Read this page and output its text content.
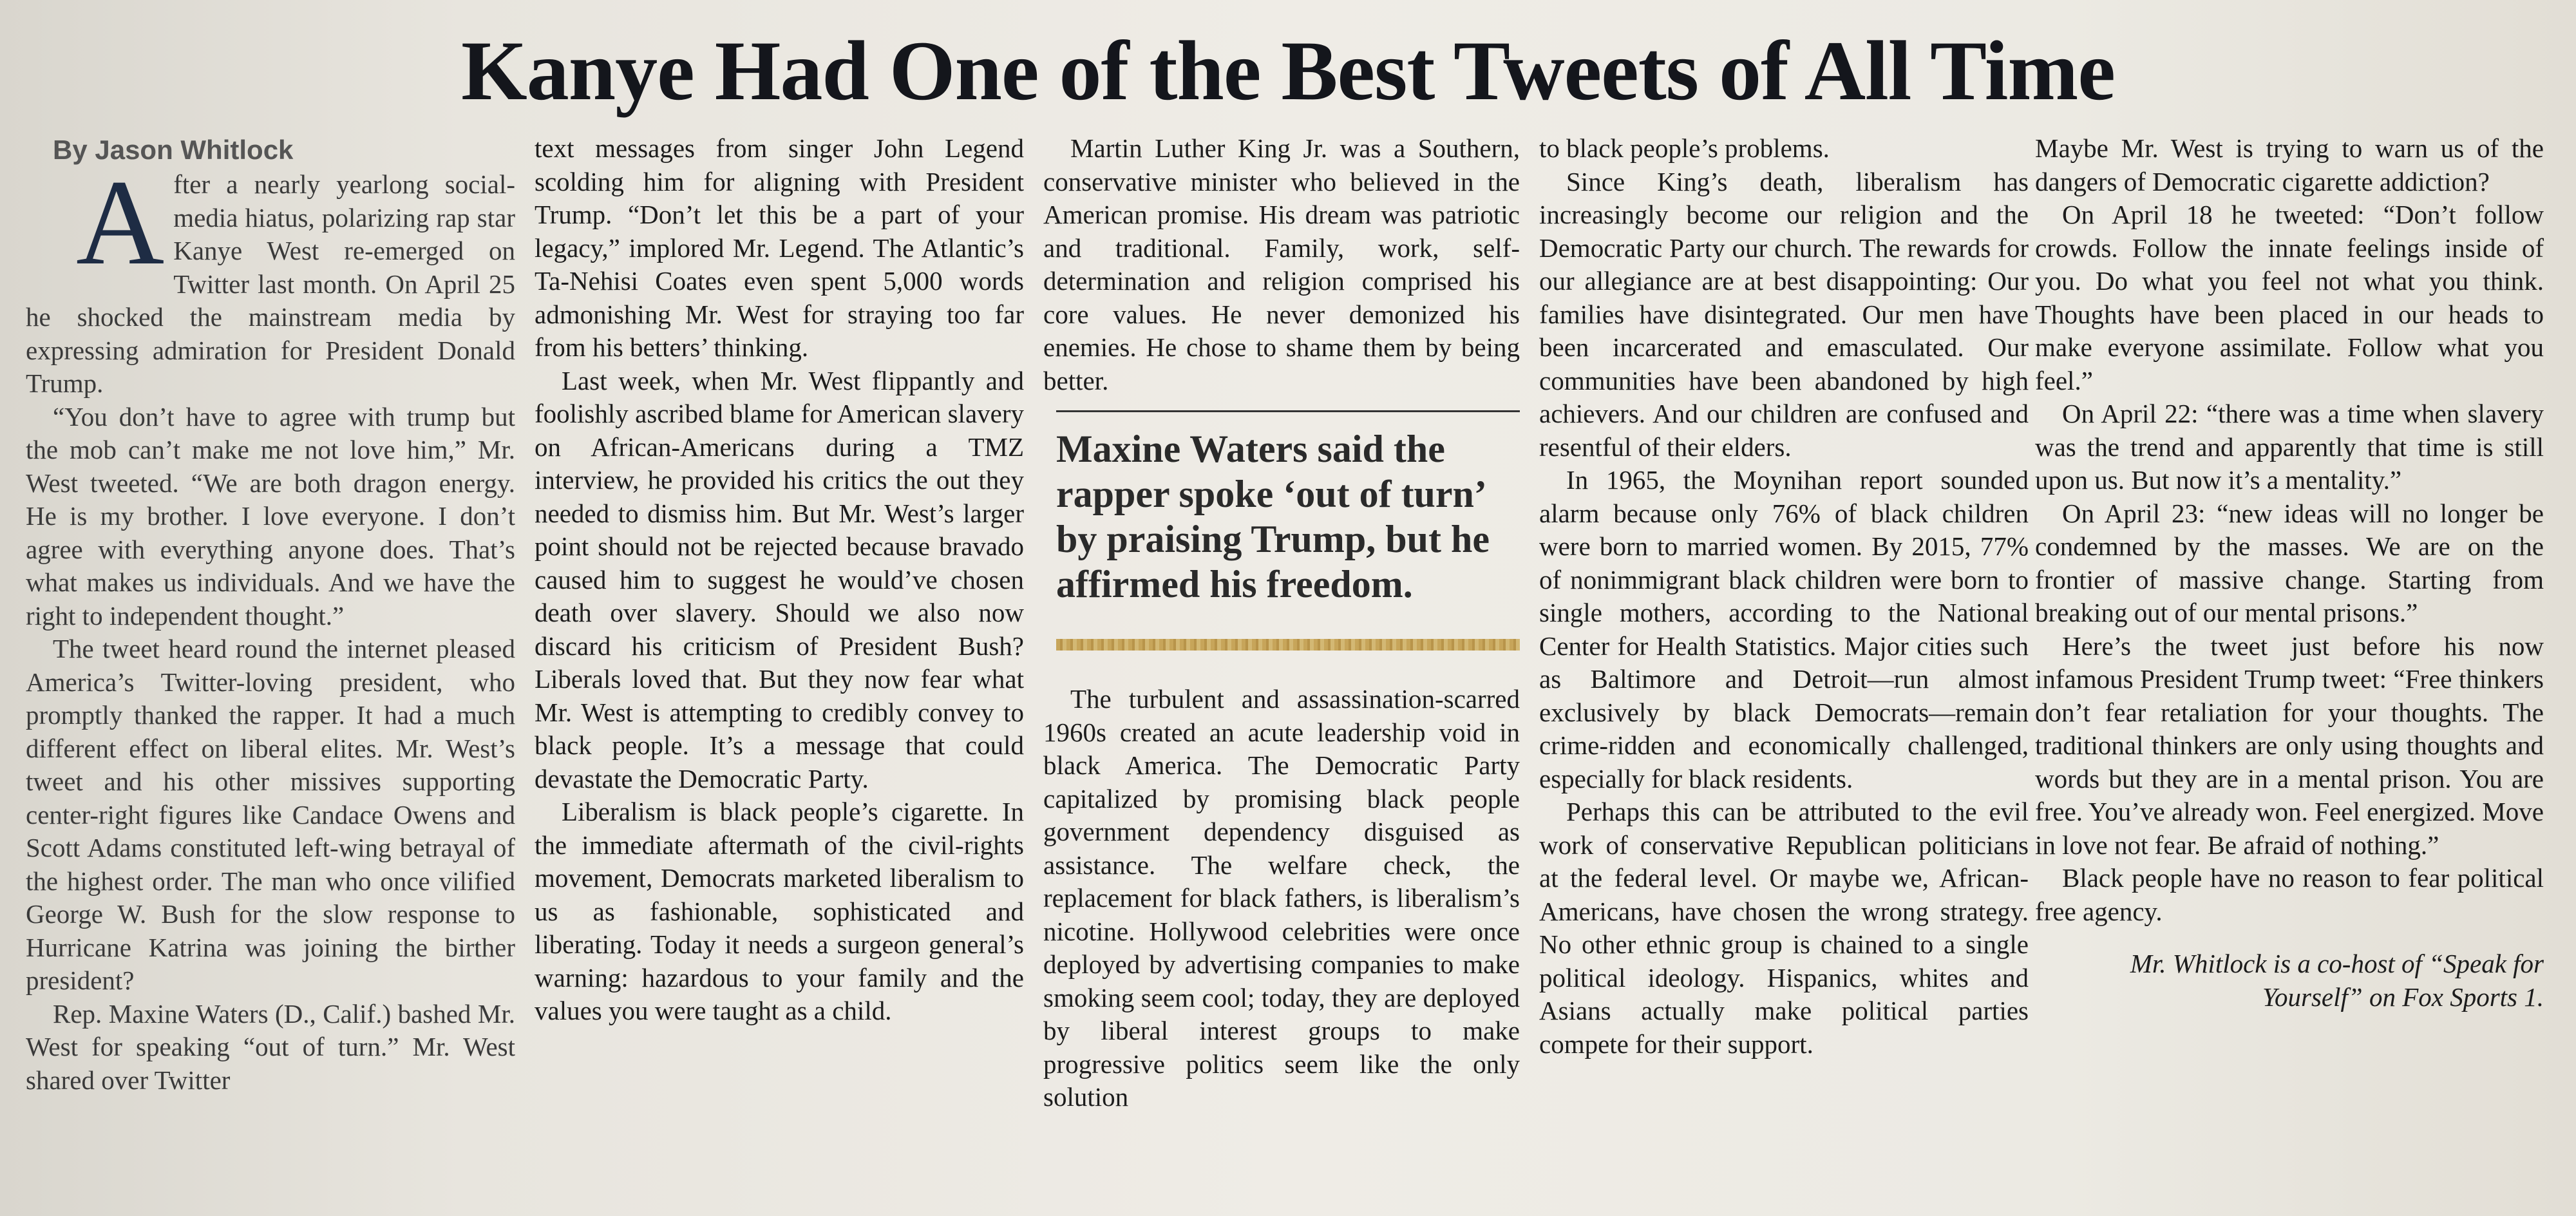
Kanye Had One of the Best Tweets of All Time

By Jason Whitlock

After a nearly yearlong social-media hiatus, polarizing rap star Kanye West re-emerged on Twitter last month. On April 25 he shocked the mainstream media by expressing admiration for President Donald Trump.

“You don’t have to agree with trump but the mob can’t make me not love him,” Mr. West tweeted. “We are both dragon energy. He is my brother. I love everyone. I don’t agree with everything anyone does. That’s what makes us individuals. And we have the right to independent thought.”

The tweet heard round the internet pleased America’s Twitter-loving president, who promptly thanked the rapper. It had a much different effect on liberal elites. Mr. West’s tweet and his other missives supporting center-right figures like Candace Owens and Scott Adams constituted left-wing betrayal of the highest order. The man who once vilified George W. Bush for the slow response to Hurricane Katrina was joining the birther president?

Rep. Maxine Waters (D., Calif.) bashed Mr. West for speaking “out of turn.” Mr. West shared over Twitter

text messages from singer John Legend scolding him for aligning with President Trump. “Don’t let this be a part of your legacy,” implored Mr. Legend. The Atlantic’s Ta-Nehisi Coates even spent 5,000 words admonishing Mr. West for straying too far from his betters’ thinking.

Last week, when Mr. West flippantly and foolishly ascribed blame for American slavery on African-Americans during a TMZ interview, he provided his critics the out they needed to dismiss him. But Mr. West’s larger point should not be rejected because bravado caused him to suggest he would’ve chosen death over slavery. Should we also now discard his criticism of President Bush? Liberals loved that. But they now fear what Mr. West is attempting to credibly convey to black people. It’s a message that could devastate the Democratic Party.

Liberalism is black people’s cigarette. In the immediate aftermath of the civil-rights movement, Democrats marketed liberalism to us as fashionable, sophisticated and liberating. Today it needs a surgeon general’s warning: hazardous to your family and the values you were taught as a child.

Martin Luther King Jr. was a Southern, conservative minister who believed in the American promise. His dream was patriotic and traditional. Family, work, self-determination and religion comprised his core values. He never demonized his enemies. He chose to shame them by being better.

Maxine Waters said the rapper spoke ‘out of turn’ by praising Trump, but he affirmed his freedom.

The turbulent and assassination-scarred 1960s created an acute leadership void in black America. The Democratic Party capitalized by promising black people government dependency disguised as assistance. The welfare check, the replacement for black fathers, is liberalism’s nicotine. Hollywood celebrities were once deployed by advertising companies to make smoking seem cool; today, they are deployed by liberal interest groups to make progressive politics seem like the only solution

to black people’s problems.

Since King’s death, liberalism has increasingly become our religion and the Democratic Party our church. The rewards for our allegiance are at best disappointing: Our families have disintegrated. Our men have been incarcerated and emasculated. Our communities have been abandoned by high achievers. And our children are confused and resentful of their elders.

In 1965, the Moynihan report sounded alarm because only 76% of black children were born to married women. By 2015, 77% of nonimmigrant black children were born to single mothers, according to the National Center for Health Statistics. Major cities such as Baltimore and Detroit—run almost exclusively by black Democrats—remain crime-ridden and economically challenged, especially for black residents.

Perhaps this can be attributed to the evil work of conservative Republican politicians at the federal level. Or maybe we, African-Americans, have chosen the wrong strategy. No other ethnic group is chained to a single political ideology. Hispanics, whites and Asians actually make political parties compete for their support.

Maybe Mr. West is trying to warn us of the dangers of Democratic cigarette addiction?

On April 18 he tweeted: “Don’t follow crowds. Follow the innate feelings inside of you. Do what you feel not what you think. Thoughts have been placed in our heads to make everyone assimilate. Follow what you feel.”

On April 22: “there was a time when slavery was the trend and apparently that time is still upon us. But now it’s a mentality.”

On April 23: “new ideas will no longer be condemned by the masses. We are on the frontier of massive change. Starting from breaking out of our mental prisons.”

Here’s the tweet just before his now infamous President Trump tweet: “Free thinkers don’t fear retaliation for your thoughts. The traditional thinkers are only using thoughts and words but they are in a mental prison. You are free. You’ve already won. Feel energized. Move in love not fear. Be afraid of nothing.”

Black people have no reason to fear political free agency.

Mr. Whitlock is a co-host of “Speak for Yourself” on Fox Sports 1.
